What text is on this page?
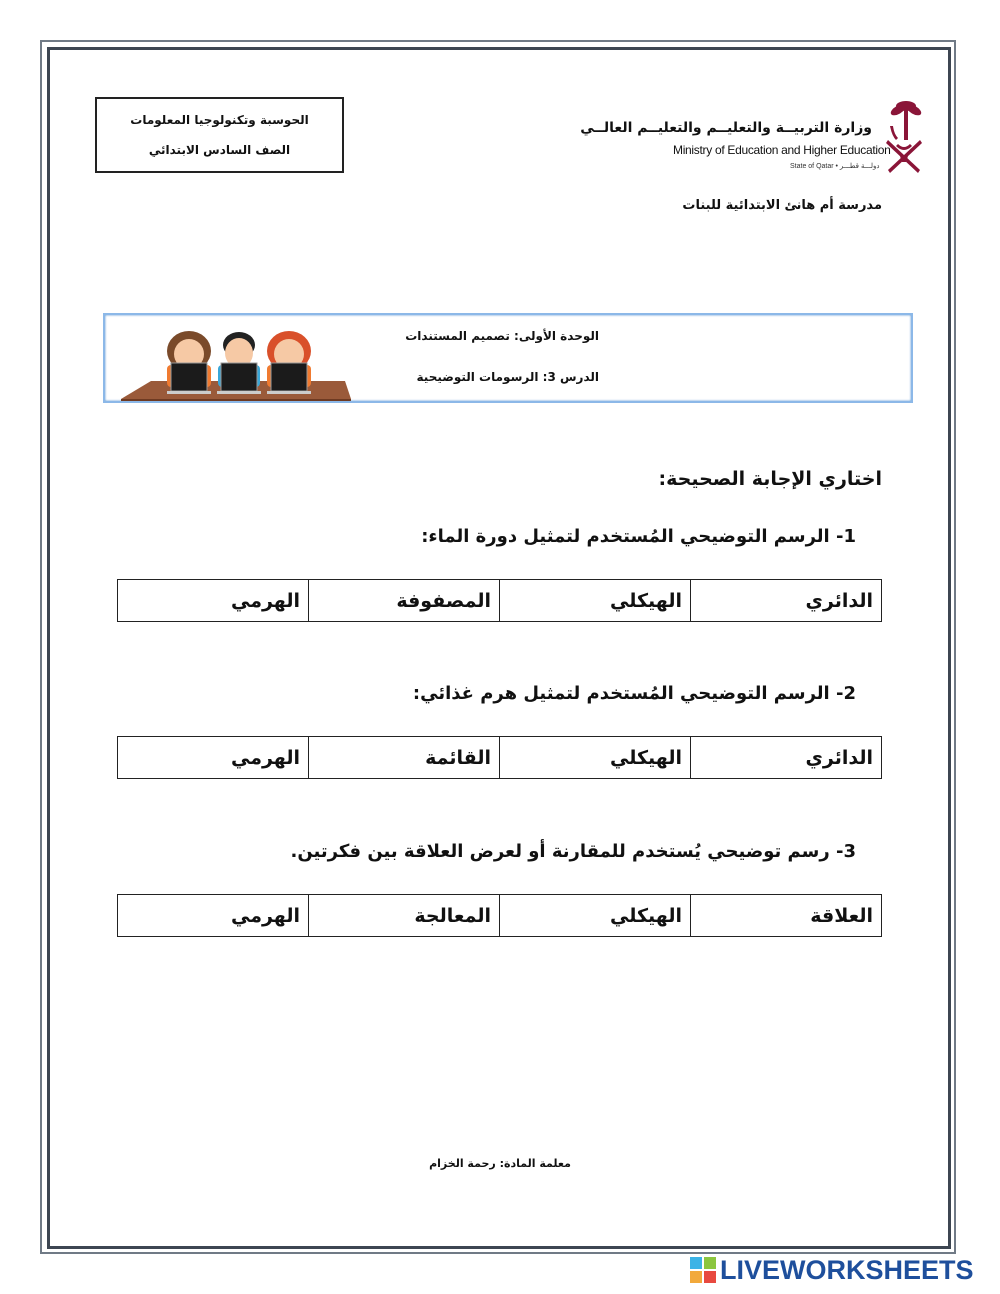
الحوسبة وتكنولوجيا المعلومات
الصف السادس الابتدائي
وزارة التربيــة والتعليــم والتعليــم العالــي
Ministry of Education and Higher Education
State of Qatar • دولـــة قطـــر
مدرسة أم هانئ الابتدائية للبنات
الوحدة الأولى: تصميم المستندات
الدرس 3: الرسومات التوضيحية
اختاري الإجابة الصحيحة:
1- الرسم التوضيحي المُستخدم لتمثيل دورة الماء:
الدائري	الهيكلي	المصفوفة	الهرمي
2- الرسم التوضيحي المُستخدم لتمثيل هرم غذائي:
الدائري	الهيكلي	القائمة	الهرمي
3- رسم توضيحي يُستخدم للمقارنة أو لعرض العلاقة بين فكرتين.
العلاقة	الهيكلي	المعالجة	الهرمي
معلمة المادة: رحمة الخزام
LIVEWORKSHEETS
